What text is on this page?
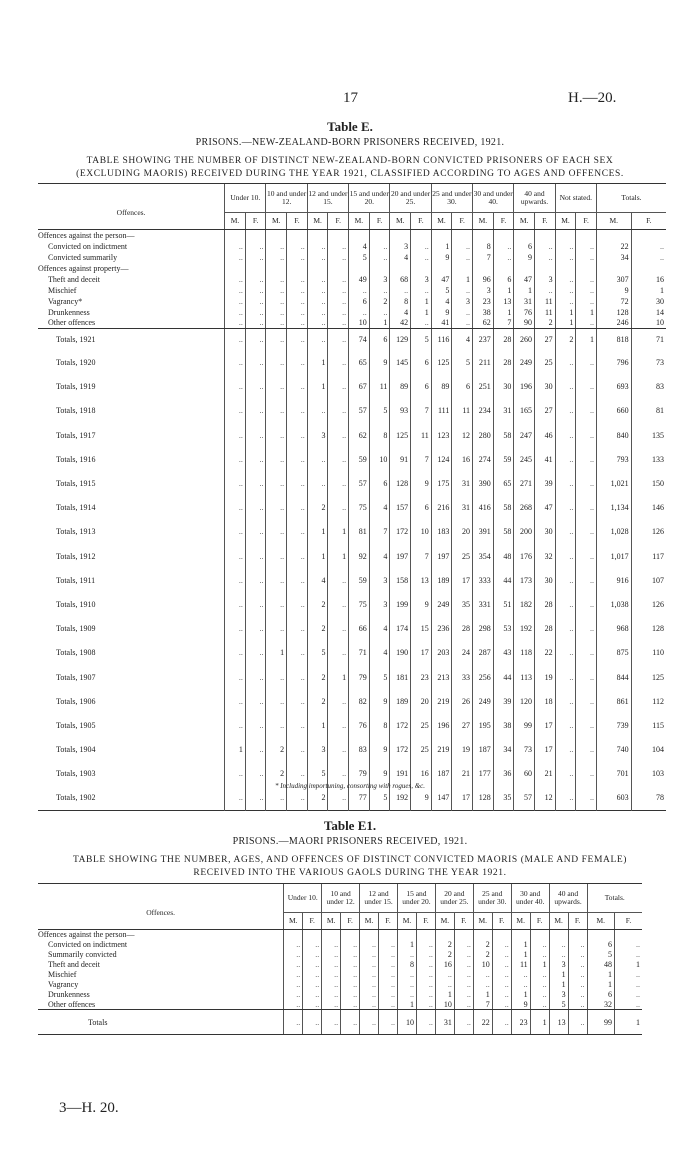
17	H.—20.
Table E.
PRISONS.—NEW-ZEALAND-BORN PRISONERS RECEIVED, 1921.
TABLE SHOWING THE NUMBER OF DISTINCT NEW-ZEALAND-BORN CONVICTED PRISONERS OF EACH SEX
(EXCLUDING MAORIS) RECEIVED DURING THE YEAR 1921, CLASSIFIED ACCORDING TO AGES AND OFFENCES.
Offences.	Under 10.		10 and under 12.		12 and under 15.		15 and under 20.		20 and under 25.		25 and under 30.		30 and under 40.		40 and upwards.		Not stated.		Totals.	
	M.	F.	M.	F.	M.	F.	M.	F.	M.	F.	M.	F.	M.	F.	M.	F.	M.	F.	M.	F.
Offences against the person—																				
Convicted on indictment	..	..	..	..	..	..	4	..	3	..	1	..	8	..	6	..	..	..	22	..
Convicted summarily	..	..	..	..	..	..	5	..	4	..	9	..	7	..	9	..	..	..	34	..
Offences against property—																				
Theft and deceit	..	..	..	..	..	..	49	3	68	3	47	1	96	6	47	3	..	..	307	16
Mischief	..	..	..	..	..	..	..	..	..	..	5	..	3	1	1	..	..	..	9	1
Vagrancy*	..	..	..	..	..	..	6	2	8	1	4	3	23	13	31	11	..	..	72	30
Drunkenness	..	..	..	..	..	..	..	..	4	1	9	..	38	1	76	11	1	1	128	14
Other offences	..	..	..	..	..	..	10	1	42	..	41	..	62	7	90	2	1	..	246	10
Totals, 1921	..	..	..	..	..	..	74	6	129	5	116	4	237	28	260	27	2	1	818	71
Totals, 1920	..	..	..	..	1	..	65	9	145	6	125	5	211	28	249	25	..	..	796	73
Totals, 1919	..	..	..	..	1	..	67	11	89	6	89	6	251	30	196	30	..	..	693	83
Totals, 1918	..	..	..	..	..	..	57	5	93	7	111	11	234	31	165	27	..	..	660	81
Totals, 1917	..	..	..	..	3	..	62	8	125	11	123	12	280	58	247	46	..	..	840	135
Totals, 1916	..	..	..	..	..	..	59	10	91	7	124	16	274	59	245	41	..	..	793	133
Totals, 1915	..	..	..	..	..	..	57	6	128	9	175	31	390	65	271	39	..	..	1,021	150
Totals, 1914	..	..	..	..	2	..	75	4	157	6	216	31	416	58	268	47	..	..	1,134	146
Totals, 1913	..	..	..	..	1	1	81	7	172	10	183	20	391	58	200	30	..	..	1,028	126
Totals, 1912	..	..	..	..	1	1	92	4	197	7	197	25	354	48	176	32	..	..	1,017	117
Totals, 1911	..	..	..	..	4	..	59	3	158	13	189	17	333	44	173	30	..	..	916	107
Totals, 1910	..	..	..	..	2	..	75	3	199	9	249	35	331	51	182	28	..	..	1,038	126
Totals, 1909	..	..	..	..	2	..	66	4	174	15	236	28	298	53	192	28	..	..	968	128
Totals, 1908	..	..	1	..	5	..	71	4	190	17	203	24	287	43	118	22	..	..	875	110
Totals, 1907	..	..	..	..	2	1	79	5	181	23	213	33	256	44	113	19	..	..	844	125
Totals, 1906	..	..	..	..	2	..	82	9	189	20	219	26	249	39	120	18	..	..	861	112
Totals, 1905	..	..	..	..	1	..	76	8	172	25	196	27	195	38	99	17	..	..	739	115
Totals, 1904	1	..	2	..	3	..	83	9	172	25	219	19	187	34	73	17	..	..	740	104
Totals, 1903	..	..	2	..	5	..	79	9	191	16	187	21	177	36	60	21	..	..	701	103
Totals, 1902	..	..	..	..	2	..	77	5	192	9	147	17	128	35	57	12	..	..	603	78
* Including importuning, consorting with rogues, &c.
Table E1.
PRISONS.—MAORI PRISONERS RECEIVED, 1921.
TABLE SHOWING THE NUMBER, AGES, AND OFFENCES OF DISTINCT CONVICTED MAORIS (MALE AND FEMALE)
RECEIVED INTO THE VARIOUS GAOLS DURING THE YEAR 1921.
Offences.	Under 10.		10 and under 12.		12 and under 15.		15 and under 20.		20 and under 25.		25 and under 30.		30 and under 40.		40 and upwards.		Totals.	
	M.	F.	M.	F.	M.	F.	M.	F.	M.	F.	M.	F.	M.	F.	M.	F.	M.	F.
Offences against the person—																		
Convicted on indictment	..	..	..	..	..	..	1	..	2	..	2	..	1	..	..	..	6	..
Summarily convicted	..	..	..	..	..	..	..	..	2	..	2	..	1	..	..	..	5	..
Theft and deceit	..	..	..	..	..	..	8	..	16	..	10	..	11	1	3	..	48	1
Mischief	..	..	..	..	..	..	..	..	..	..	..	..	..	..	1	..	1	..
Vagrancy	..	..	..	..	..	..	..	..	..	..	..	..	..	..	1	..	1	..
Drunkenness	..	..	..	..	..	..	..	..	1	..	1	..	1	..	3	..	6	..
Other offences	..	..	..	..	..	..	1	..	10	..	7	..	9	..	5	..	32	..
Totals	..	..	..	..	..	..	10	..	31	..	22	..	23	1	13	..	99	1
3—H. 20.
